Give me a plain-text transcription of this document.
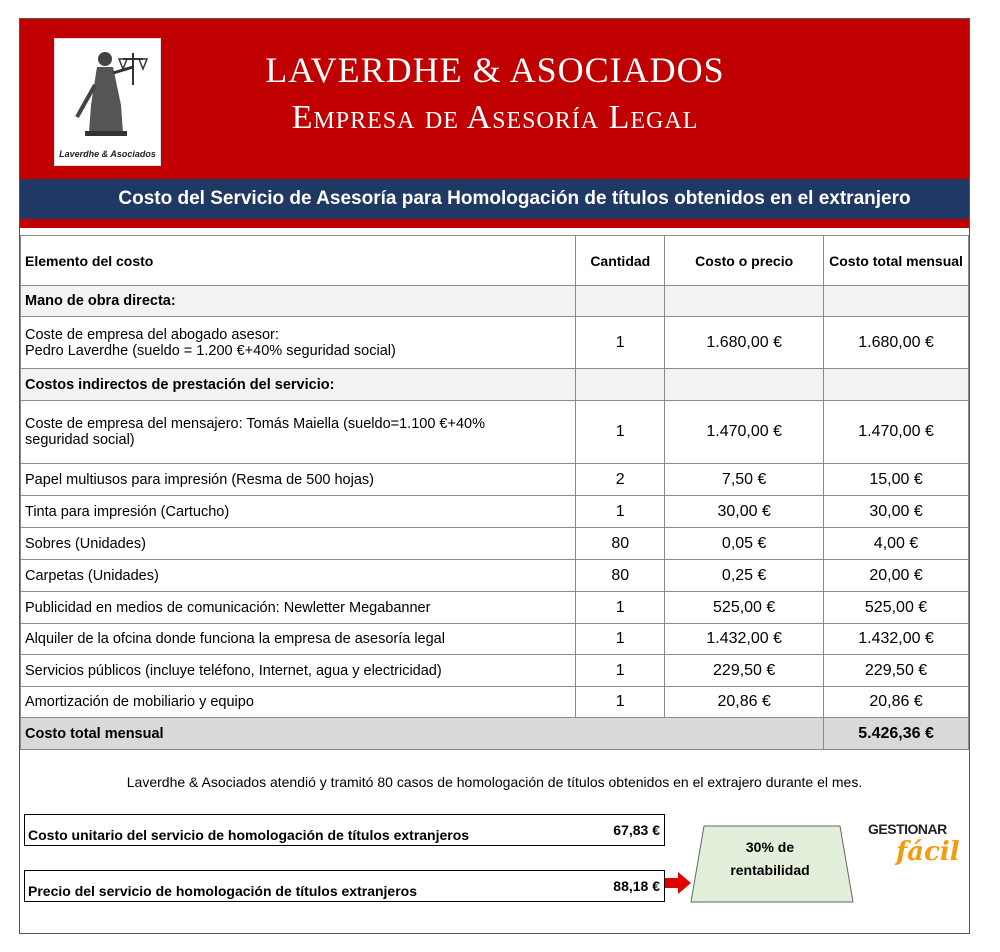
Laverdhe & Asociados
LAVERDHE & ASOCIADOS
Empresa de Asesoría Legal
Costo del Servicio de Asesoría para Homologación de títulos obtenidos en el extranjero
Elemento del costo	Cantidad	Costo o precio	Costo total mensual
Mano de obra directa:			
Coste de empresa del abogado asesor:
Pedro Laverdhe (sueldo = 1.200 €+40% seguridad social)	1	1.680,00 €	1.680,00 €
Costos indirectos de prestación del servicio:			
Coste de empresa del mensajero: Tomás Maiella (sueldo=1.100 €+40%
seguridad social)	1	1.470,00 €	1.470,00 €
Papel multiusos para impresión (Resma de 500 hojas)	2	7,50 €	15,00 €
Tinta para impresión (Cartucho)	1	30,00 €	30,00 €
Sobres (Unidades)	80	0,05 €	4,00 €
Carpetas (Unidades)	80	0,25 €	20,00 €
Publicidad en medios de comunicación: Newletter Megabanner	1	525,00 €	525,00 €
Alquiler de la ofcina donde funciona la empresa de asesoría legal	1	1.432,00 €	1.432,00 €
Servicios públicos (incluye teléfono, Internet, agua y electricidad)	1	229,50 €	229,50 €
Amortización de mobiliario y equipo	1	20,86 €	20,86 €
Costo total mensual			5.426,36 €
Laverdhe & Asociados atendió y tramitó 80 casos de homologación de títulos obtenidos en el extrajero durante el mes.
Costo unitario del servicio de homologación de títulos extranjeros	67,83 €
Precio del servicio de homologación de títulos extranjeros	88,18 €
30% de
rentabilidad
GESTIONAR
fácil
